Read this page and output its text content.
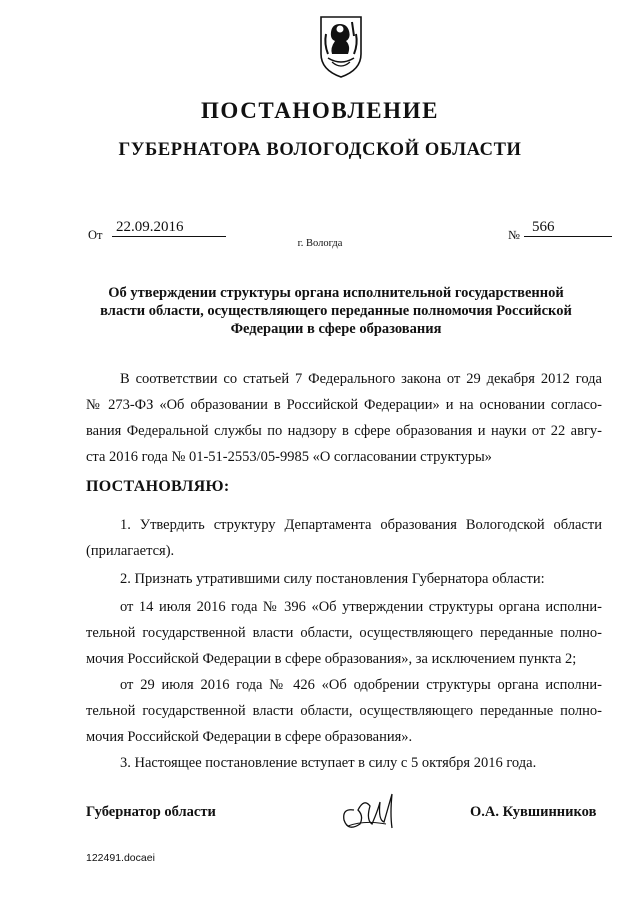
ПОСТАНОВЛЕНИЕ
ГУБЕРНАТОРА ВОЛОГОДСКОЙ ОБЛАСТИ
От 22.09.2016	№ 566
г. Вологда
Об утверждении структуры органа исполнительной государственной
власти области, осуществляющего переданные полномочия Российской
Федерации в сфере образования
В соответствии со статьей 7 Федерального закона от 29 декабря 2012 года
№ 273-ФЗ «Об образовании в Российской Федерации» и на основании согласо-
вания Федеральной службы по надзору в сфере образования и науки от 22 авгу-
ста 2016 года № 01-51-2553/05-9985 «О согласовании структуры»
ПОСТАНОВЛЯЮ:
1. Утвердить структуру Департамента образования Вологодской области
(прилагается).
2. Признать утратившими силу постановления Губернатора области:
от 14 июля 2016 года № 396 «Об утверждении структуры органа исполни-
тельной государственной власти области, осуществляющего переданные полно-
мочия Российской Федерации в сфере образования», за исключением пункта 2;
от 29 июля 2016 года № 426 «Об одобрении структуры органа исполни-
тельной государственной власти области, осуществляющего переданные полно-
мочия Российской Федерации в сфере образования».
3. Настоящее постановление вступает в силу с 5 октября 2016 года.
Губернатор области	О.А. Кувшинников
122491.docaei
